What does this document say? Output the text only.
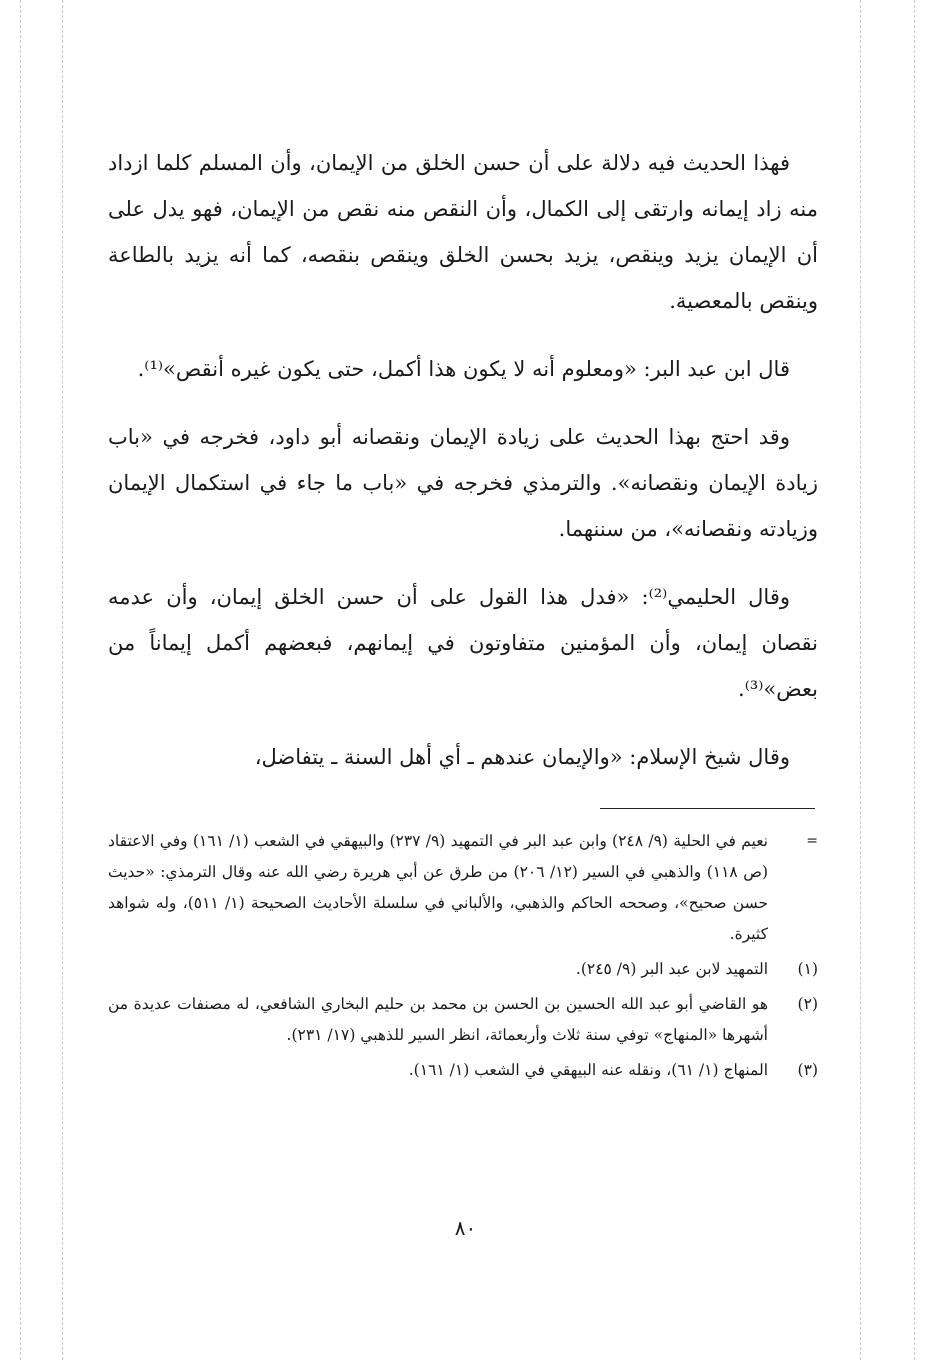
فهذا الحديث فيه دلالة على أن حسن الخلق من الإيمان، وأن المسلم كلما ازداد منه زاد إيمانه وارتقى إلى الكمال، وأن النقص منه نقص من الإيمان، فهو يدل على أن الإيمان يزيد وينقص، يزيد بحسن الخلق وينقص بنقصه، كما أنه يزيد بالطاعة وينقص بالمعصية.

قال ابن عبد البر: «ومعلوم أنه لا يكون هذا أكمل، حتى يكون غيره أنقص»⁽¹⁾.

وقد احتج بهذا الحديث على زيادة الإيمان ونقصانه أبو داود، فخرجه في «باب زيادة الإيمان ونقصانه». والترمذي فخرجه في «باب ما جاء في استكمال الإيمان وزيادته ونقصانه»، من سننهما.

وقال الحليمي⁽²⁾: «فدل هذا القول على أن حسن الخلق إيمان، وأن عدمه نقصان إيمان، وأن المؤمنين متفاوتون في إيمانهم، فبعضهم أكمل إيماناً من بعض»⁽³⁾.

وقال شيخ الإسلام: «والإيمان عندهم ـ أي أهل السنة ـ يتفاضل،

=
نعيم في الحلية (٩/ ٢٤٨) وابن عبد البر في التمهيد (٩/ ٢٣٧) والبيهقي في الشعب (١/ ١٦١) وفي الاعتقاد (ص ١١٨) والذهبي في السير (١٢/ ٢٠٦) من طرق عن أبي هريرة رضي الله عنه وقال الترمذي: «حديث حسن صحيح»، وصححه الحاكم والذهبي، والألباني في سلسلة الأحاديث الصحيحة (١/ ٥١١)، وله شواهد كثيرة.
(١)
التمهيد لابن عبد البر (٩/ ٢٤٥).
(٢)
هو القاضي أبو عبد الله الحسين بن الحسن بن محمد بن حليم البخاري الشافعي، له مصنفات عديدة من أشهرها «المنهاج» توفي سنة ثلاث وأربعمائة، انظر السير للذهبي (١٧/ ٢٣١).
(٣)
المنهاج (١/ ٦١)، ونقله عنه البيهقي في الشعب (١/ ١٦١).
٨٠
